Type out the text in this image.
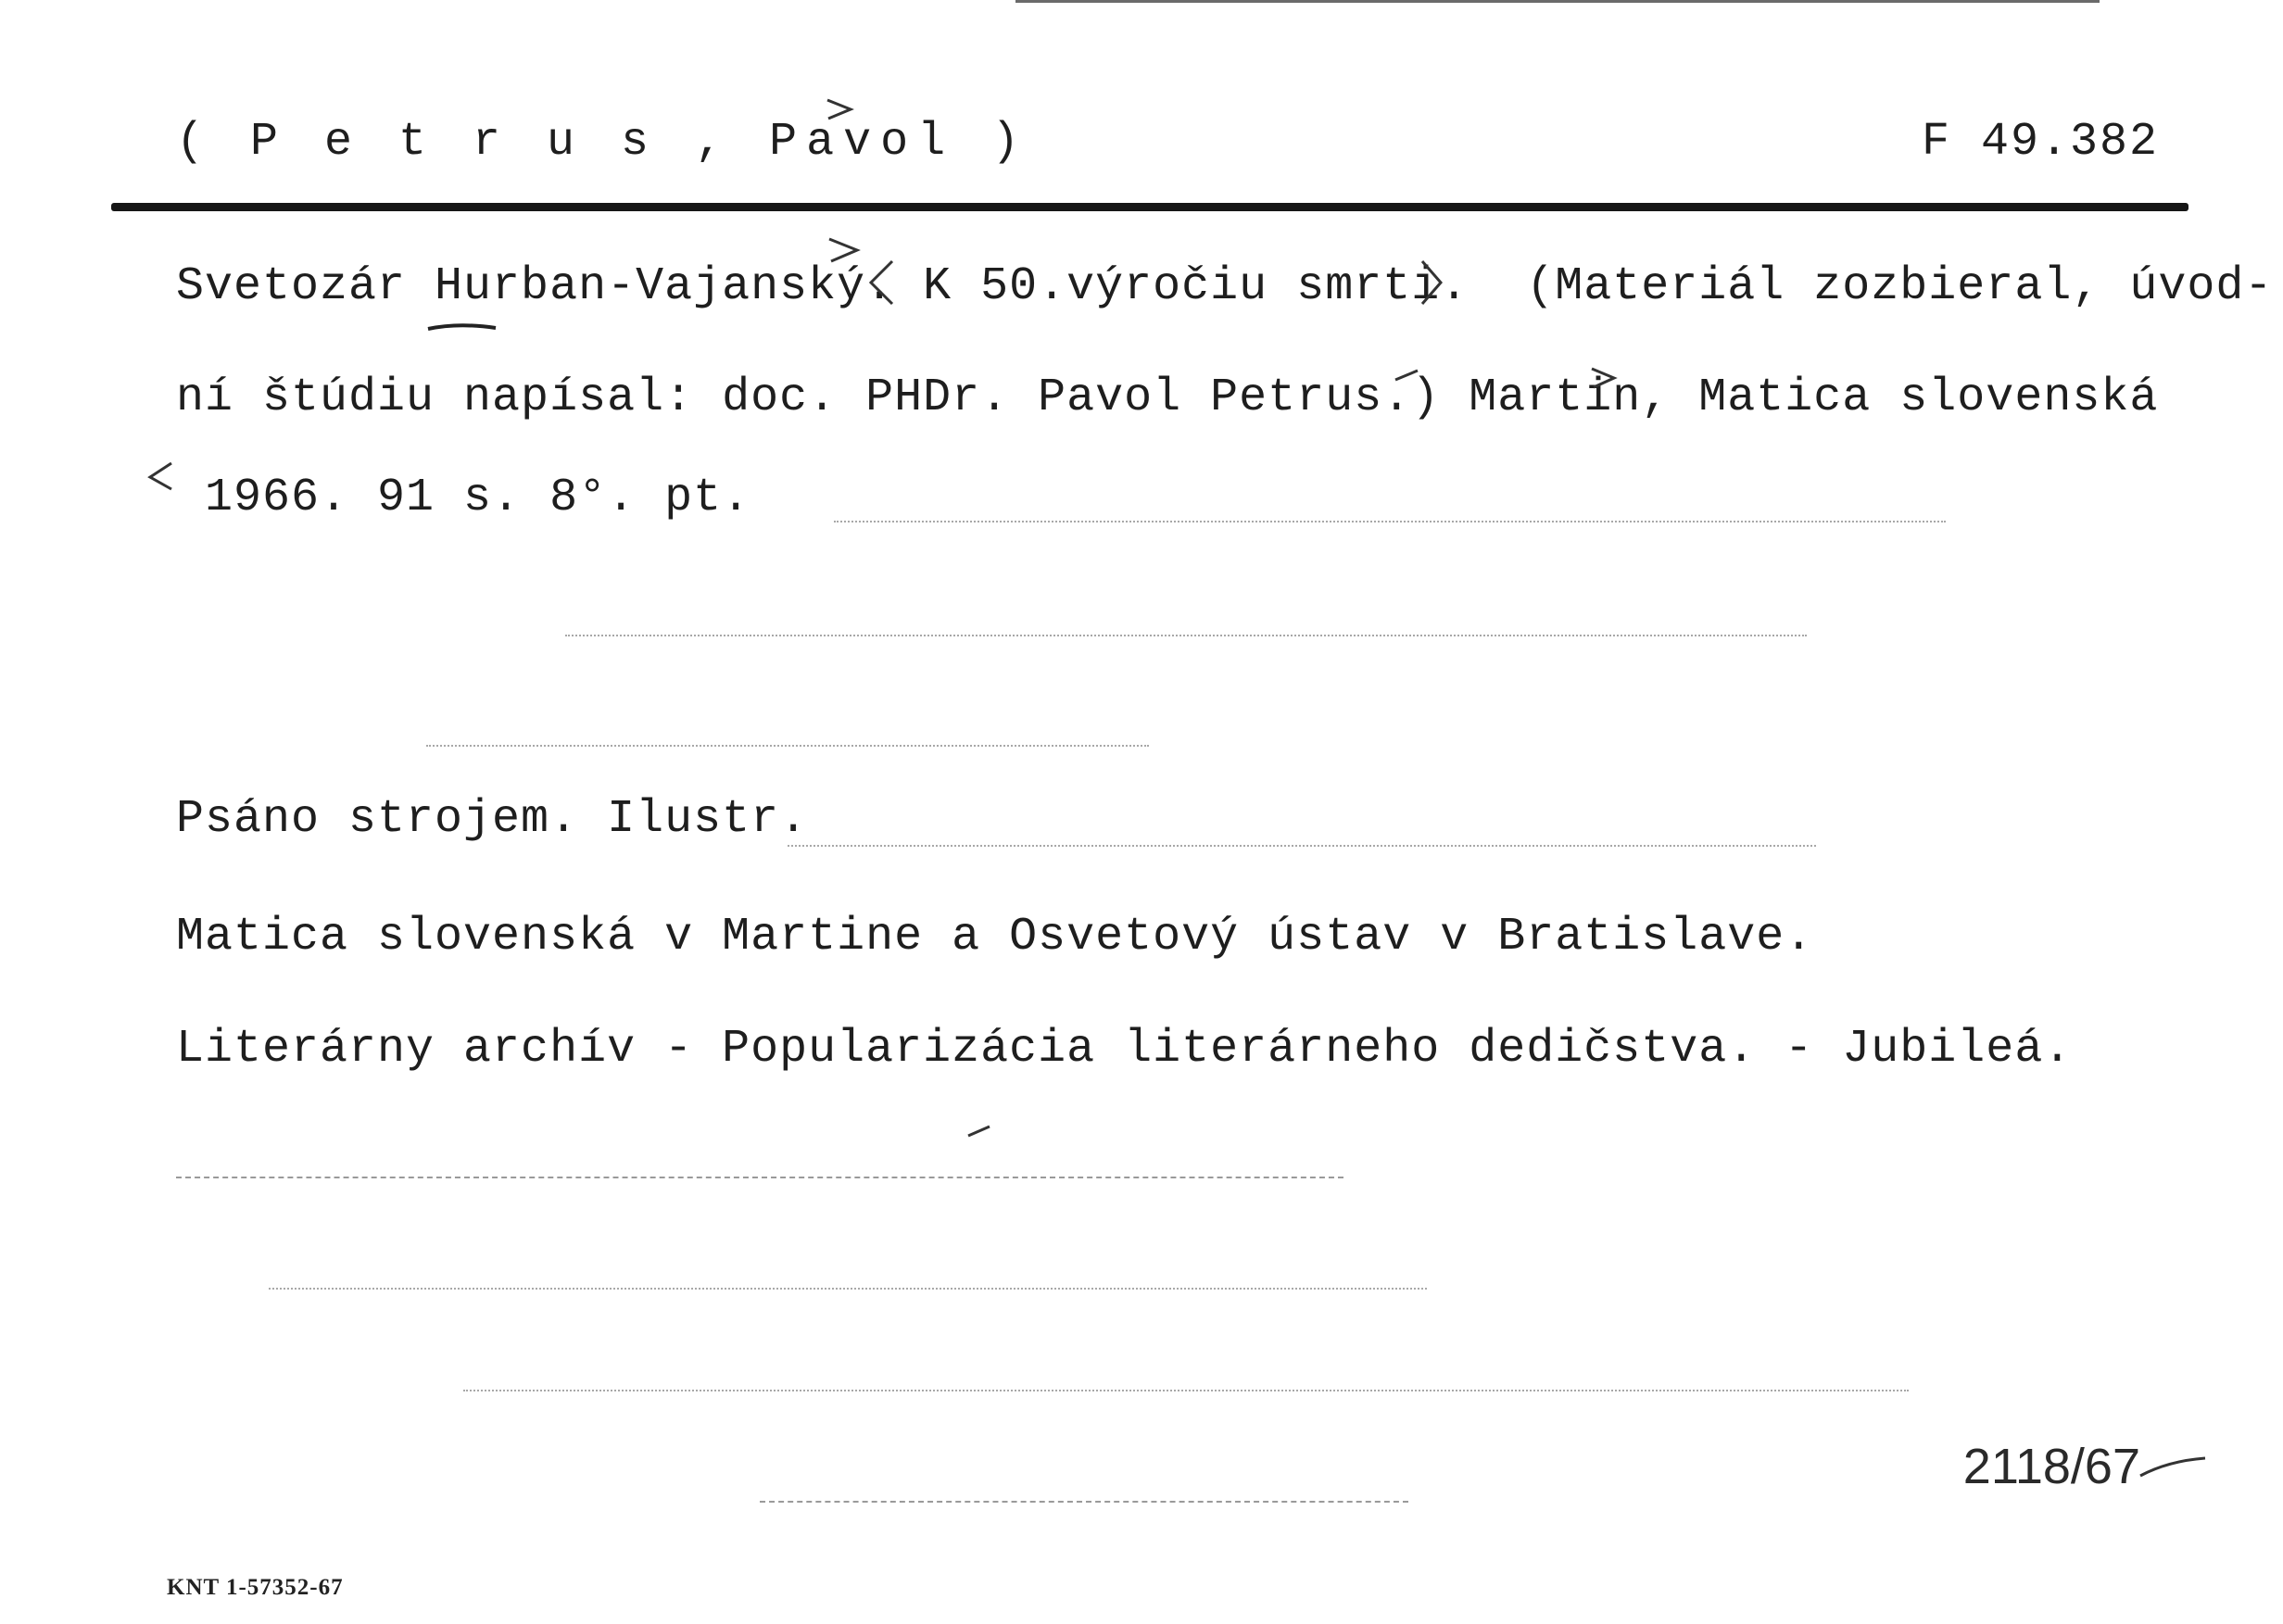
( P e t r u s , Pavol )	F 49.382
Svetozár Hurban-Vajanský. K 50.výročiu smrti.  (Materiál zozbieral, úvod-
ní štúdiu napísal: doc. PHDr. Pavol Petrus.) Martin, Matica slovenská
1966. 91 s. 8°. pt.
Psáno strojem. Ilustr.
Matica slovenská v Martine a Osvetový ústav v Bratislave.
Literárny archív - Popularizácia literárneho dedičstva. - Jubileá.
2118/67
KNT 1-57352-67
